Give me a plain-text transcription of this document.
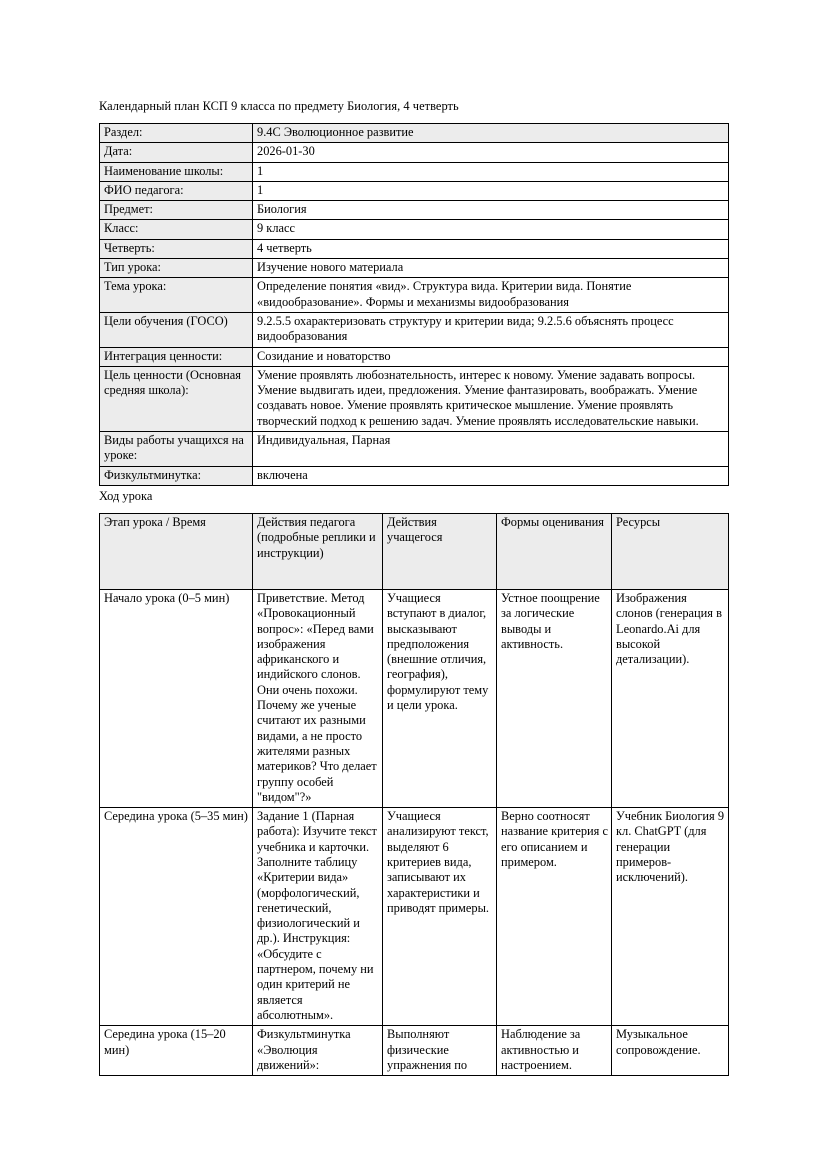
Календарный план КСП 9 класса по предмету Биология, 4 четверть

Раздел:	9.4C Эволюционное развитие
Дата:	2026-01-30
Наименование школы:	1
ФИО педагога:	1
Предмет:	Биология
Класс:	9 класс
Четверть:	4 четверть
Тип урока:	Изучение нового материала
Тема урока:	Определение понятия «вид». Структура вида. Критерии вида. Понятие «видообразование». Формы и механизмы видообразования
Цели обучения (ГОСО)	9.2.5.5 охарактеризовать структуру и критерии вида; 9.2.5.6 объяснять процесс видообразования
Интеграция ценности:	Созидание и новаторство
Цель ценности (Основная средняя школа):	Умение проявлять любознательность, интерес к новому. Умение задавать вопросы. Умение выдвигать идеи, предложения. Умение фантазировать, воображать. Умение создавать новое. Умение проявлять критическое мышление. Умение проявлять творческий подход к решению задач. Умение проявлять исследовательские навыки.
Виды работы учащихся на уроке:	Индивидуальная, Парная
Физкультминутка:	включена

Ход урока

Этап урока / Время	Действия педагога (подробные реплики и инструкции)	Действия учащегося	Формы оценивания	Ресурсы
Начало урока (0–5 мин)	Приветствие. Метод «Провокационный вопрос»: «Перед вами изображения африканского и индийского слонов. Они очень похожи. Почему же ученые считают их разными видами, а не просто жителями разных материков? Что делает группу особей "видом"?»	Учащиеся вступают в диалог, высказывают предположения (внешние отличия, география), формулируют тему и цели урока.	Устное поощрение за логические выводы и активность.	Изображения слонов (генерация в Leonardo.Ai для высокой детализации).
Середина урока (5–35 мин)	Задание 1 (Парная работа): Изучите текст учебника и карточки. Заполните таблицу «Критерии вида» (морфологический, генетический, физиологический и др.). Инструкция: «Обсудите с партнером, почему ни один критерий не является абсолютным».	Учащиеся анализируют текст, выделяют 6 критериев вида, записывают их характеристики и приводят примеры.	Верно соотносят название критерия с его описанием и примером.	Учебник Биология 9 кл. ChatGPT (для генерации примеров-исключений).
Середина урока (15–20 мин)	Физкультминутка «Эволюция движений»:	Выполняют физические упражнения по	Наблюдение за активностью и настроением.	Музыкальное сопровождение.
